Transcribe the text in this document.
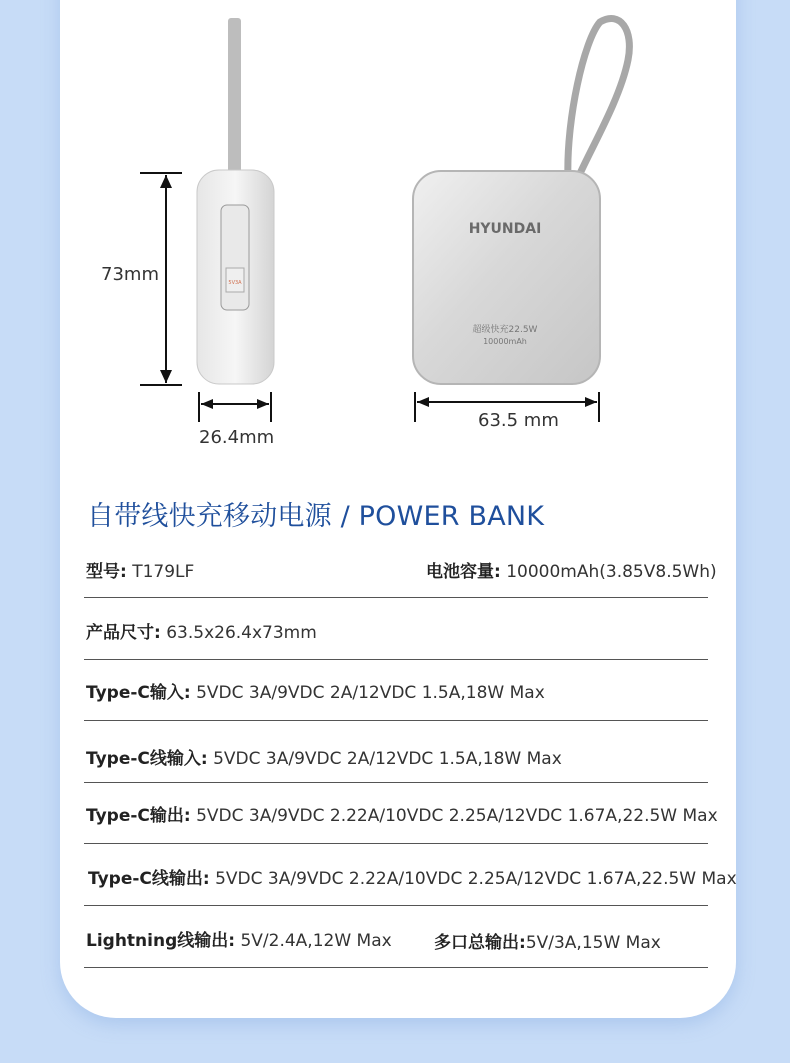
5V3A
73mm
26.4mm
HYUNDAI
超级快充22.5W
10000mAh
63.5 mm
自带线快充移动电源 / POWER BANK
型号: T179LF	电池容量: 10000mAh(3.85V8.5Wh)
产品尺寸: 63.5x26.4x73mm
Type-C输入: 5VDC 3A/9VDC 2A/12VDC 1.5A,18W Max
Type-C线输入: 5VDC 3A/9VDC 2A/12VDC 1.5A,18W Max
Type-C输出: 5VDC 3A/9VDC 2.22A/10VDC 2.25A/12VDC 1.67A,22.5W Max
Type-C线输出: 5VDC 3A/9VDC 2.22A/10VDC 2.25A/12VDC 1.67A,22.5W Max
Lightning线输出: 5V/2.4A,12W Max 多口总输出:5V/3A,15W Max
